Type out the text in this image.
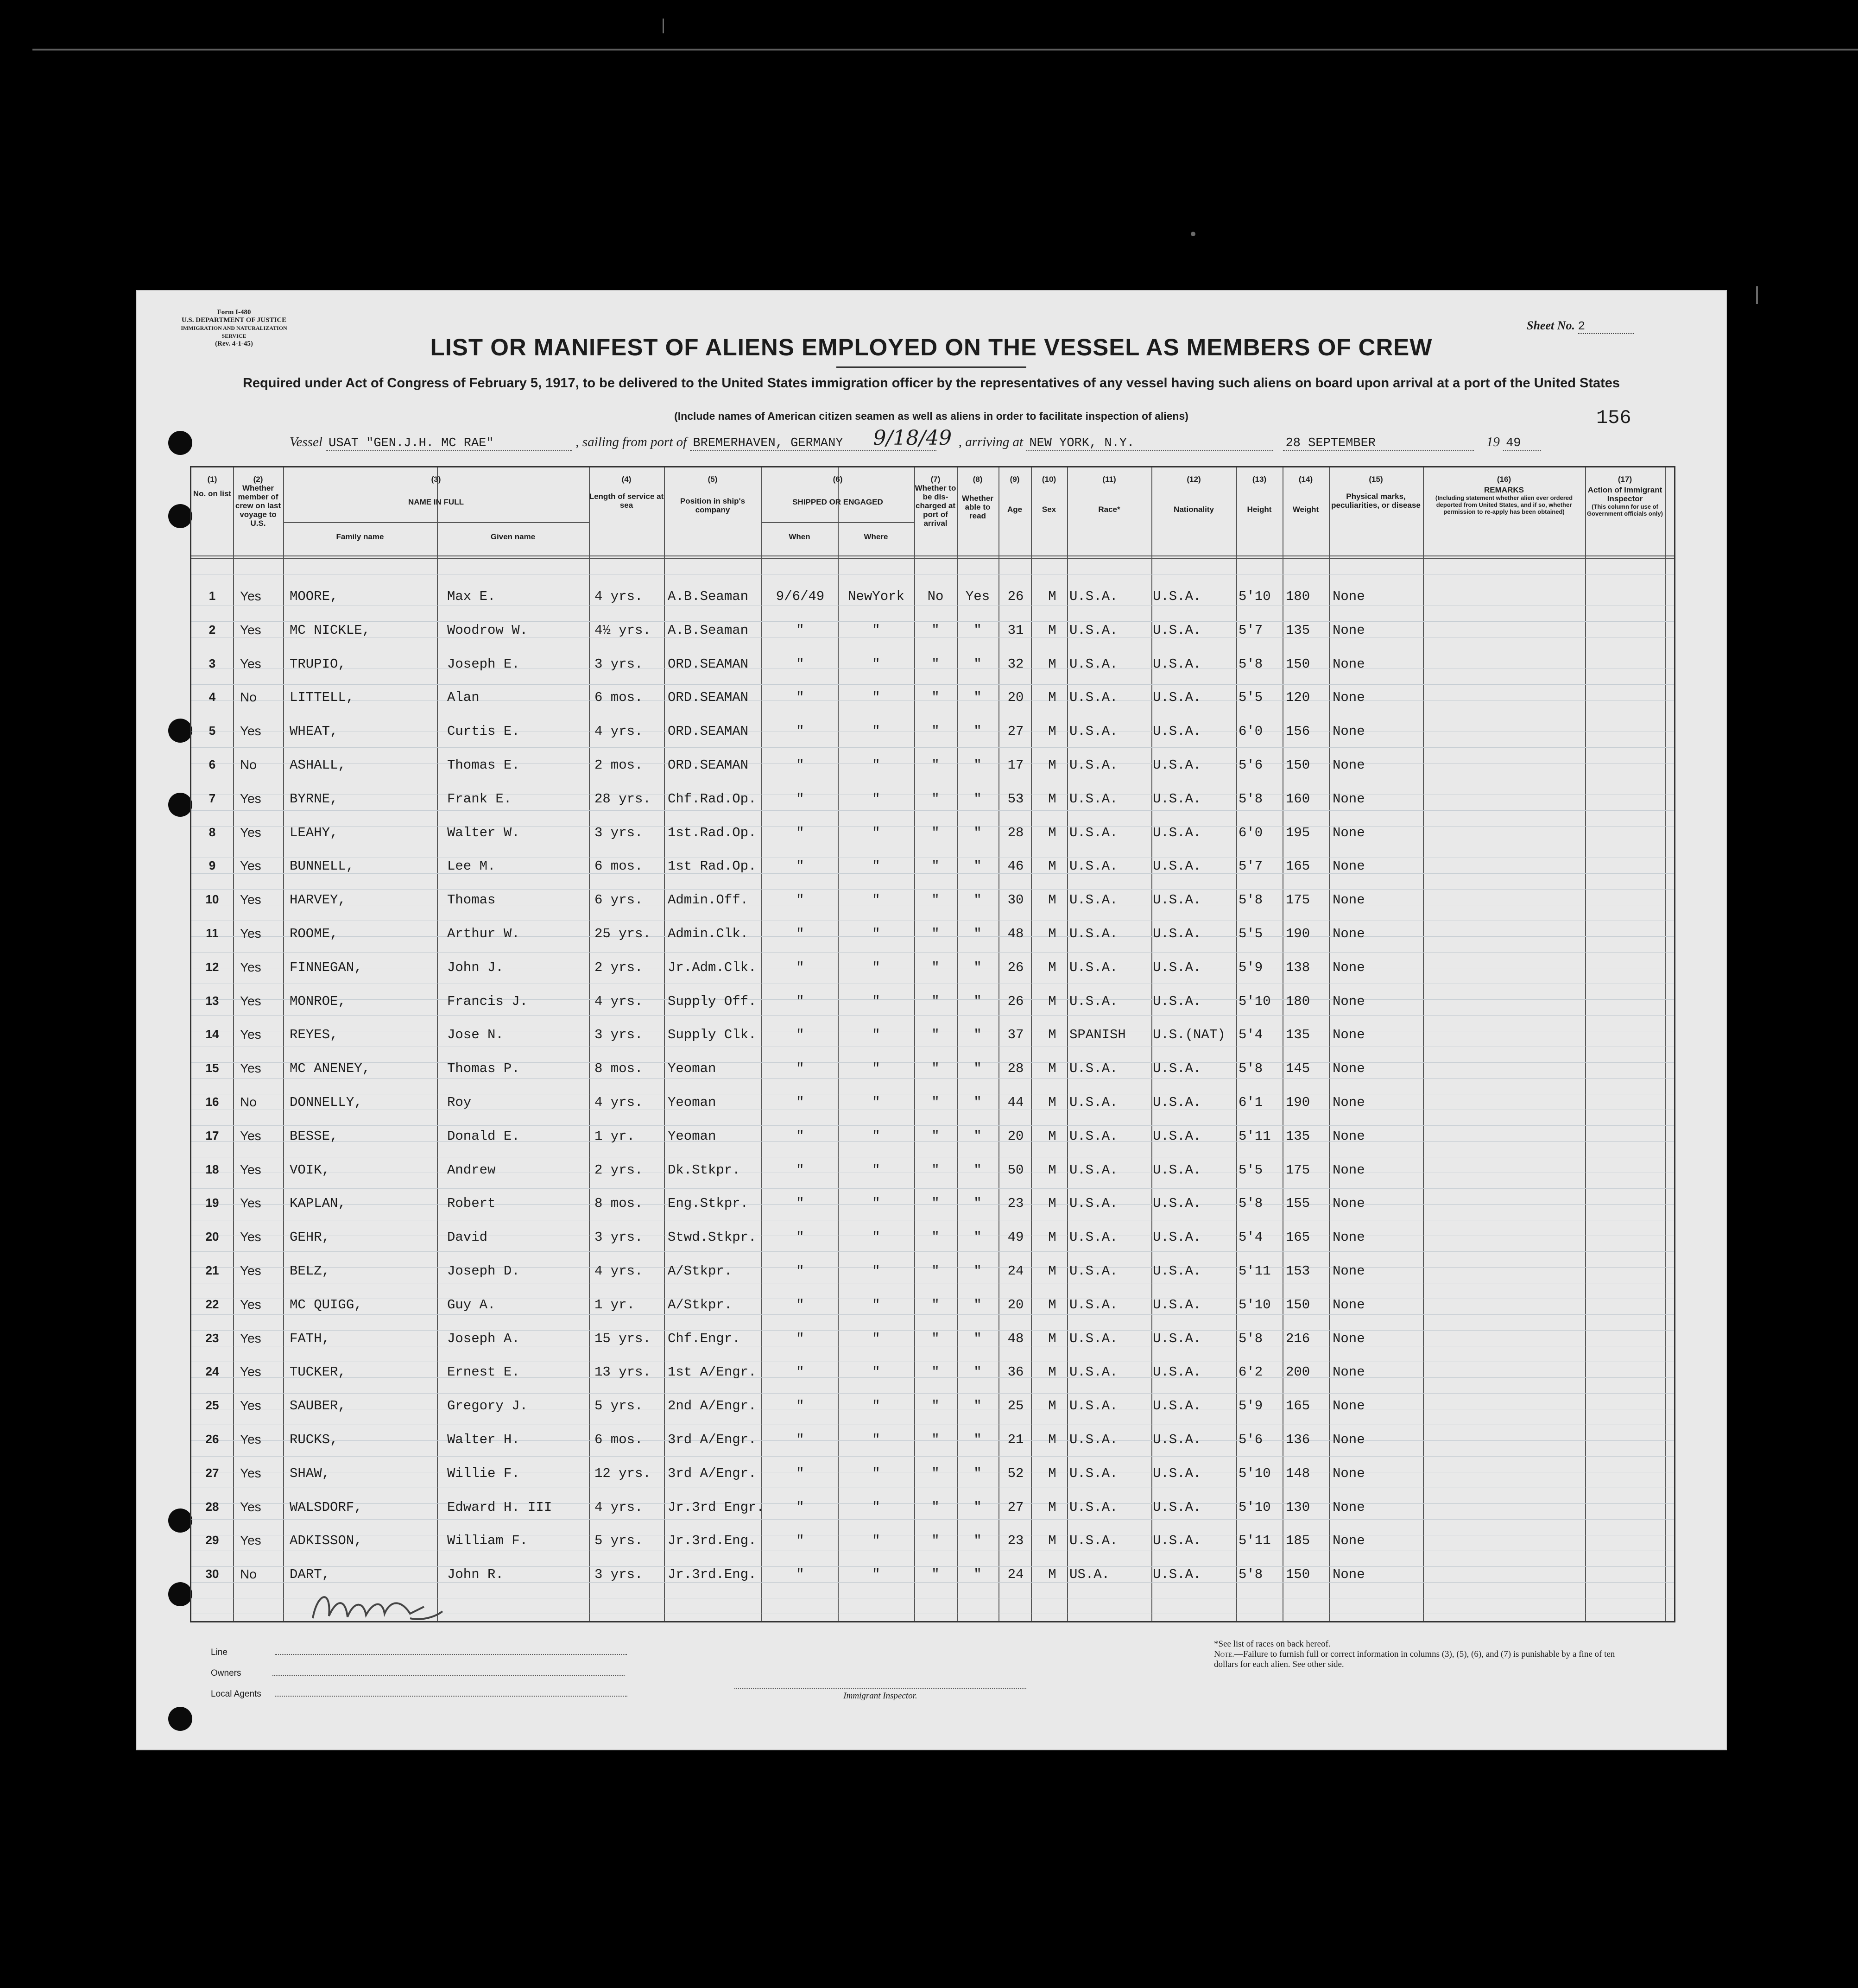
Form I-480
U.S. DEPARTMENT OF JUSTICE
IMMIGRATION AND NATURALIZATION SERVICE
(Rev. 4-1-45)
Sheet No. 2
LIST OR MANIFEST OF ALIENS EMPLOYED ON THE VESSEL AS MEMBERS OF CREW
Required under Act of Congress of February 5, 1917, to be delivered to the United States immigration officer by the representatives of any vessel having such aliens on board upon arrival at a port of the United States
(Include names of American citizen seamen as well as aliens in order to facilitate inspection of aliens)	156
Vessel USAT "GEN.J.H. MC RAE"	, sailing from port of BREMERHAVEN, GERMANY 9/18/49 , arriving at NEW YORK, N.Y.	28 SEPTEMBER	19 49
(1)
No. on list
(2)
Whether member of crew on last voyage to U.S.
(3)
NAME IN FULL
Family name	Given name
(4)
Length of service at sea
(5)
Position in ship's company
(6)
SHIPPED OR ENGAGED
When	Where
(7)
Whether to be dis-charged at port of arrival
(8)
Whether able to read
(9)
Age
(10)
Sex
(11)
Race*
(12)
Nationality
(13)
Height
(14)
Weight
(15)
Physical marks, peculiarities, or disease
(16)
REMARKS
(Including statement whether alien ever ordered deported from United States, and if so, whether permission to re-apply has been obtained)
(17)
Action of Immigrant Inspector
(This column for use of Government officials only)
1	Yes	MOORE,	Max E.	4 yrs.	A.B.Seaman	9/6/49	NewYork	No	Yes	26	M U.S.A.	U.S.A.	5'10	180	None
2	Yes	MC NICKLE,	Woodrow W.	4½ yrs.	A.B.Seaman	"	"	"	"	31	M U.S.A.	U.S.A.	5'7	135	None
3	Yes	TRUPIO,	Joseph E.	3 yrs.	ORD.SEAMAN	"	"	"	"	32	M U.S.A.	U.S.A.	5'8	150	None
4	No	LITTELL,	Alan	6 mos.	ORD.SEAMAN	"	"	"	"	20	M U.S.A.	U.S.A.	5'5	120	None
5	Yes	WHEAT,	Curtis E.	4 yrs.	ORD.SEAMAN	"	"	"	"	27	M U.S.A.	U.S.A.	6'0	156	None
6	No	ASHALL,	Thomas E.	2 mos.	ORD.SEAMAN	"	"	"	"	17	M U.S.A.	U.S.A.	5'6	150	None
7	Yes	BYRNE,	Frank E.	28 yrs.	Chf.Rad.Op.	"	"	"	"	53	M U.S.A.	U.S.A.	5'8	160	None
8	Yes	LEAHY,	Walter W.	3 yrs.	1st.Rad.Op.	"	"	"	"	28	M U.S.A.	U.S.A.	6'0	195	None
9	Yes	BUNNELL,	Lee M.	6 mos.	1st Rad.Op.	"	"	"	"	46	M U.S.A.	U.S.A.	5'7	165	None
10	Yes	HARVEY,	Thomas	6 yrs.	Admin.Off.	"	"	"	"	30	M U.S.A.	U.S.A.	5'8	175	None
11	Yes	ROOME,	Arthur W.	25 yrs.	Admin.Clk.	"	"	"	"	48	M U.S.A.	U.S.A.	5'5	190	None
12	Yes	FINNEGAN,	John J.	2 yrs.	Jr.Adm.Clk.	"	"	"	"	26	M U.S.A.	U.S.A.	5'9	138	None
13	Yes	MONROE,	Francis J.	4 yrs.	Supply Off.	"	"	"	"	26	M U.S.A.	U.S.A.	5'10	180	None
14	Yes	REYES,	Jose N.	3 yrs.	Supply Clk.	"	"	"	"	37	M SPANISH	U.S.(NAT) 5'4	135	None
15	Yes	MC ANENEY,	Thomas P.	8 mos.	Yeoman	"	"	"	"	28	M U.S.A.	U.S.A.	5'8	145	None
16	No	DONNELLY,	Roy	4 yrs.	Yeoman	"	"	"	"	44	M U.S.A.	U.S.A.	6'1	190	None
17	Yes	BESSE,	Donald E.	1 yr.	Yeoman	"	"	"	"	20	M U.S.A.	U.S.A.	5'11	135	None
18	Yes	VOIK,	Andrew	2 yrs.	Dk.Stkpr.	"	"	"	"	50	M U.S.A.	U.S.A.	5'5	175	None
19	Yes	KAPLAN,	Robert	8 mos.	Eng.Stkpr.	"	"	"	"	23	M U.S.A.	U.S.A.	5'8	155	None
20	Yes	GEHR,	David	3 yrs.	Stwd.Stkpr.	"	"	"	"	49	M U.S.A.	U.S.A.	5'4	165	None
21	Yes	BELZ,	Joseph D.	4 yrs.	A/Stkpr.	"	"	"	"	24	M U.S.A.	U.S.A.	5'11	153	None
22	Yes	MC QUIGG,	Guy A.	1 yr.	A/Stkpr.	"	"	"	"	20	M U.S.A.	U.S.A.	5'10	150	None
23	Yes	FATH,	Joseph A.	15 yrs.	Chf.Engr.	"	"	"	"	48	M U.S.A.	U.S.A.	5'8	216	None
24	Yes	TUCKER,	Ernest E.	13 yrs.	1st A/Engr.	"	"	"	"	36	M U.S.A.	U.S.A.	6'2	200	None
25	Yes	SAUBER,	Gregory J.	5 yrs.	2nd A/Engr.	"	"	"	"	25	M U.S.A.	U.S.A.	5'9	165	None
26	Yes	RUCKS,	Walter H.	6 mos.	3rd A/Engr.	"	"	"	"	21	M U.S.A.	U.S.A.	5'6	136	None
27	Yes	SHAW,	Willie F.	12 yrs.	3rd A/Engr.	"	"	"	"	52	M U.S.A.	U.S.A.	5'10	148	None
28	Yes	WALSDORF,	Edward H. III	4 yrs.	Jr.3rd Engr.	"	"	"	"	27	M U.S.A.	U.S.A.	5'10	130	None
29	Yes	ADKISSON,	William F.	5 yrs.	Jr.3rd.Eng.	"	"	"	"	23	M U.S.A.	U.S.A.	5'11	185	None
30	No	DART,	John R.	3 yrs.	Jr.3rd.Eng.	"	"	"	"	24	M US.A.	U.S.A.	5'8	150	None
Line
Owners
Local Agents	Immigrant Inspector.
*See list of races on back hereof.
Note.—Failure to furnish full or correct information in columns (3), (5), (6), and (7) is punishable by a fine of ten dollars for each alien. See other side.
